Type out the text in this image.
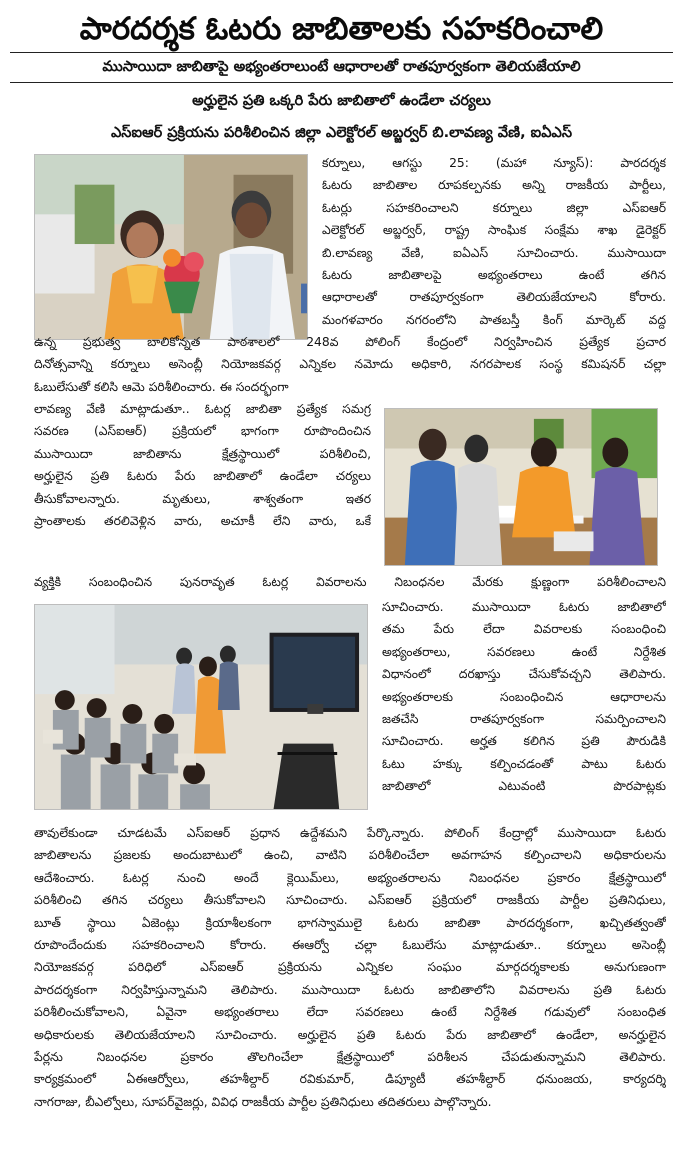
పారదర్శక ఓటరు జాబితాలకు సహకరించాలి
ముసాయిదా జాబితాపై అభ్యంతరాలుంటే ఆధారాలతో రాతపూర్వకంగా తెలియజేయాలి
అర్హులైన ప్రతి ఒక్కరి పేరు జాబితాలో ఉండేలా చర్యలు
ఎస్ఐఆర్ ప్రక్రియను పరిశీలించిన జిల్లా ఎలెక్టోరల్ అబ్జర్వర్ బి.లావణ్య వేణి, ఐఏఎస్
కర్నూలు, ఆగస్టు 25: (మహా న్యూస్): పారదర్శక
ఓటరు జాబితాల రూపకల్పనకు అన్ని రాజకీయ పార్టీలు,
ఓటర్లు సహకరించాలని కర్నూలు జిల్లా ఎస్ఐఆర్
ఎలెక్టోరల్ అబ్జర్వర్, రాష్ట్ర సాంఘిక సంక్షేమ శాఖ డైరెక్టర్
బి.లావణ్య వేణి, ఐఏఎస్ సూచించారు. ముసాయిదా
ఓటరు జాబితాలపై అభ్యంతరాలు ఉంటే తగిన
ఆధారాలతో రాతపూర్వకంగా తెలియజేయాలని కోరారు.
మంగళవారం నగరంలోని పాతబస్తీ కింగ్ మార్కెట్ వద్ద
ఉన్న ప్రభుత్వ బాలికోన్నత పాఠశాలలో 248వ పోలింగ్ కేంద్రంలో నిర్వహించిన ప్రత్యేక ప్రచార
దినోత్సవాన్ని కర్నూలు అసెంబ్లీ నియోజకవర్గ ఎన్నికల నమోదు అధికారి, నగరపాలక సంస్థ కమిషనర్ చల్లా
ఓబులేసుతో కలిసి ఆమె పరిశీలించారు. ఈ సందర్భంగా
లావణ్య వేణి మాట్లాడుతూ.. ఓటర్ల జాబితా ప్రత్యేక సమగ్ర
సవరణ (ఎస్ఐఆర్) ప్రక్రియలో భాగంగా రూపొందించిన
ముసాయిదా జాబితాను క్షేత్రస్థాయిలో పరిశీలించి,
అర్హులైన ప్రతి ఓటరు పేరు జాబితాలో ఉండేలా చర్యలు
తీసుకోవాలన్నారు. మృతులు, శాశ్వతంగా ఇతర
ప్రాంతాలకు తరలివెళ్లిన వారు, అచూకీ లేని వారు, ఒకే
వ్యక్తికి సంబంధించిన పునరావృత ఓటర్ల వివరాలను నిబంధనల మేరకు క్షుణ్ణంగా పరిశీలించాలని
సూచించారు. ముసాయిదా ఓటరు జాబితాలో
తమ పేరు లేదా వివరాలకు సంబంధించి
అభ్యంతరాలు, సవరణలు ఉంటే నిర్దేశిత
విధానంలో దరఖాస్తు చేసుకోవచ్చని తెలిపారు.
అభ్యంతరాలకు సంబంధించిన ఆధారాలను
జతచేసి రాతపూర్వకంగా సమర్పించాలని
సూచించారు. అర్హత కలిగిన ప్రతి పౌరుడికి
ఓటు హక్కు కల్పించడంతో పాటు ఓటరు
జాబితాలో ఎటువంటి పొరపాట్లకు
తావులేకుండా చూడటమే ఎస్ఐఆర్ ప్రధాన ఉద్దేశమని పేర్కొన్నారు. పోలింగ్ కేంద్రాల్లో ముసాయిదా ఓటరు
జాబితాలను ప్రజలకు అందుబాటులో ఉంచి, వాటిని పరిశీలించేలా అవగాహన కల్పించాలని అధికారులను
ఆదేశించారు. ఓటర్ల నుంచి అందే క్లెయిమ్‌లు, అభ్యంతరాలను నిబంధనల ప్రకారం క్షేత్రస్థాయిలో
పరిశీలించి తగిన చర్యలు తీసుకోవాలని సూచించారు. ఎస్ఐఆర్ ప్రక్రియలో రాజకీయ పార్టీల ప్రతినిధులు,
బూత్ స్థాయి ఏజెంట్లు క్రియాశీలకంగా భాగస్వాములై ఓటరు జాబితా పారదర్శకంగా, ఖచ్చితత్వంతో
రూపొందేందుకు సహకరించాలని కోరారు. ఈఆర్వో చల్లా ఓబులేసు మాట్లాడుతూ.. కర్నూలు అసెంబ్లీ
నియోజకవర్గ పరిధిలో ఎస్ఐఆర్ ప్రక్రియను ఎన్నికల సంఘం మార్గదర్శకాలకు అనుగుణంగా
పారదర్శకంగా నిర్వహిస్తున్నామని తెలిపారు. ముసాయిదా ఓటరు జాబితాలోని వివరాలను ప్రతి ఓటరు
పరిశీలించుకోవాలని, ఏవైనా అభ్యంతరాలు లేదా సవరణలు ఉంటే నిర్దేశిత గడువులో సంబంధిత
అధికారులకు తెలియజేయాలని సూచించారు. అర్హులైన ప్రతి ఓటరు పేరు జాబితాలో ఉండేలా, అనర్హులైన
పేర్లను నిబంధనల ప్రకారం తొలగించేలా క్షేత్రస్థాయిలో పరిశీలన చేపడుతున్నామని తెలిపారు.
కార్యక్రమంలో ఏఈఆర్వోలు, తహశీల్దార్ రవికుమార్, డిప్యూటీ తహశీల్దార్ ధనుంజయ, కార్యదర్శి
నాగరాజు, బీఎల్వోలు, సూపర్‌వైజర్లు, వివిధ రాజకీయ పార్టీల ప్రతినిధులు తదితరులు పాల్గొన్నారు.
